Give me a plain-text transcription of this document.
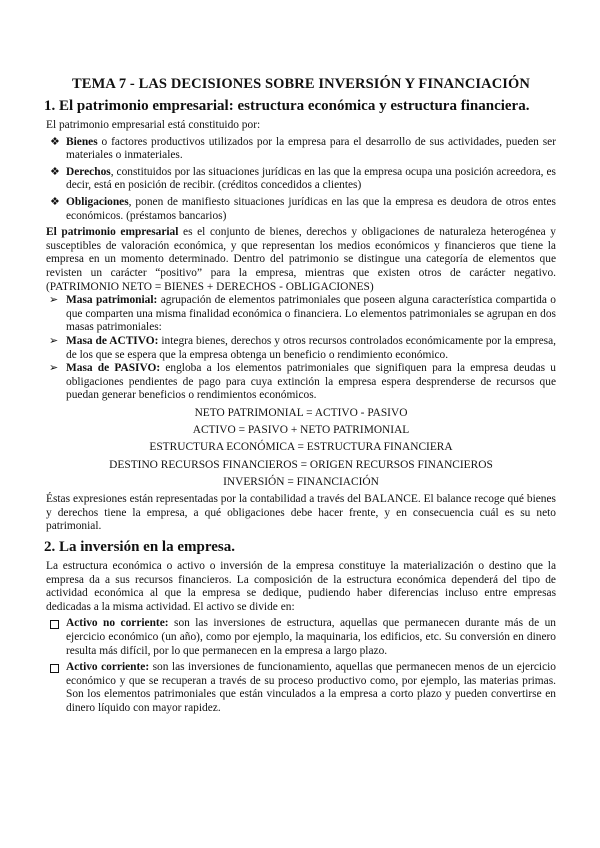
TEMA 7 - LAS DECISIONES SOBRE INVERSIÓN Y FINANCIACIÓN
1. El patrimonio empresarial: estructura económica y estructura financiera.

El patrimonio empresarial está constituido por:

❖ Bienes o factores productivos utilizados por la empresa para el desarrollo de sus actividades, pueden ser materiales o inmateriales.
❖ Derechos, constituidos por las situaciones jurídicas en las que la empresa ocupa una posición acreedora, es decir, está en posición de recibir. (créditos concedidos a clientes)
❖ Obligaciones, ponen de manifiesto situaciones jurídicas en las que la empresa es deudora de otros entes económicos. (préstamos bancarios)

El patrimonio empresarial es el conjunto de bienes, derechos y obligaciones de naturaleza heterogénea y susceptibles de valoración económica, y que representan los medios económicos y financieros que tiene la empresa en un momento determinado. Dentro del patrimonio se distingue una categoría de elementos que revisten un carácter “positivo” para la empresa, mientras que existen otros de carácter negativo. (PATRIMONIO NETO = BIENES + DERECHOS - OBLIGACIONES)

➢ Masa patrimonial: agrupación de elementos patrimoniales que poseen alguna característica compartida o que comparten una misma finalidad económica o financiera. Lo elementos patrimoniales se agrupan en dos masas patrimoniales:
➢ Masa de ACTIVO: integra bienes, derechos y otros recursos controlados económicamente por la empresa, de los que se espera que la empresa obtenga un beneficio o rendimiento económico.
➢ Masa de PASIVO: engloba a los elementos patrimoniales que signifiquen para la empresa deudas u obligaciones pendientes de pago para cuya extinción la empresa espera desprenderse de recursos que puedan generar beneficios o rendimientos económicos.
NETO PATRIMONIAL = ACTIVO - PASIVO
ACTIVO = PASIVO + NETO PATRIMONIAL
ESTRUCTURA ECONÓMICA = ESTRUCTURA FINANCIERA
DESTINO RECURSOS FINANCIEROS = ORIGEN RECURSOS FINANCIEROS
INVERSIÓN = FINANCIACIÓN

Éstas expresiones están representadas por la contabilidad a través del BALANCE. El balance recoge qué bienes y derechos tiene la empresa, a qué obligaciones debe hacer frente, y en consecuencia cuál es su neto patrimonial.

2. La inversión en la empresa.

La estructura económica o activo o inversión de la empresa constituye la materialización o destino que la empresa da a sus recursos financieros. La composición de la estructura económica dependerá del tipo de actividad económica al que la empresa se dedique, pudiendo haber diferencias incluso entre empresas dedicadas a la misma actividad. El activo se divide en:

Activo no corriente: son las inversiones de estructura, aquellas que permanecen durante más de un ejercicio económico (un año), como por ejemplo, la maquinaria, los edificios, etc. Su conversión en dinero resulta más difícil, por lo que permanecen en la empresa a largo plazo.
Activo corriente: son las inversiones de funcionamiento, aquellas que permanecen menos de un ejercicio económico y que se recuperan a través de su proceso productivo como, por ejemplo, las materias primas. Son los elementos patrimoniales que están vinculados a la empresa a corto plazo y pueden convertirse en dinero líquido con mayor rapidez.
